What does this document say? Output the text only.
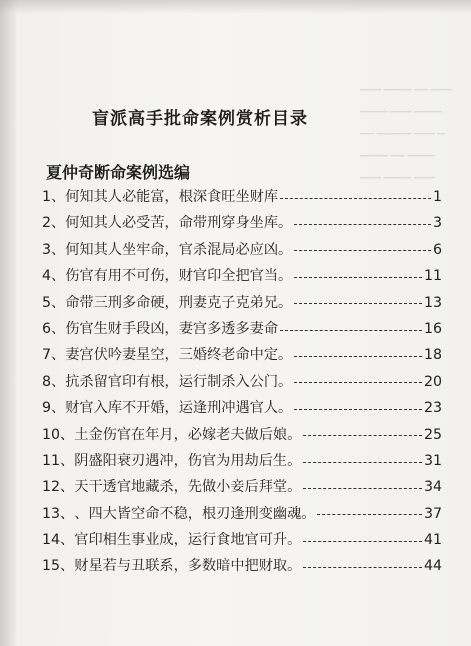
▁▁▁ ▁▁▁▁ ▁▁ ▁▁▁
▁▁▁▁ ▁▁▁ ▁▁▁▁
▁▁ ▁▁▁▁▁ ▁▁▁ ▁
▁▁▁▁ ▁▁ ▁▁▁▁
▁▁▁ ▁▁▁▁ ▁▁▁
盲派高手批命案例赏析目录
夏仲奇断命案例选编
1、 何知其人必能富，根深食旺坐财库	1
2、 何知其人必受苦，命带刑穿身坐库。	3
3、 何知其人坐牢命，官杀混局必应凶。	6
4、 伤官有用不可伤，财官印全把官当。	11
5、 命带三刑多命硬，刑妻克子克弟兄。	13
6、 伤官生财手段凶，妻宫多透多妻命	16
7、 妻宫伏吟妻星空，三婚终老命中定。	18
8、 抗杀留官印有根，运行制杀入公门。	20
9、 财官入库不开婚，运逢刑冲遇官人。	23
10、 土金伤官在年月，必嫁老夫做后娘。	25
11、 阴盛阳衰刃遇冲，伤官为用劫后生。	31
12、 天干透官地藏杀，先做小妾后拜堂。	34
13、 、四大皆空命不稳，根刃逢刑变幽魂。	37
14、 官印相生事业成，运行食地官可升。	41
15、 财星若与丑联系，多数暗中把财取。	44
